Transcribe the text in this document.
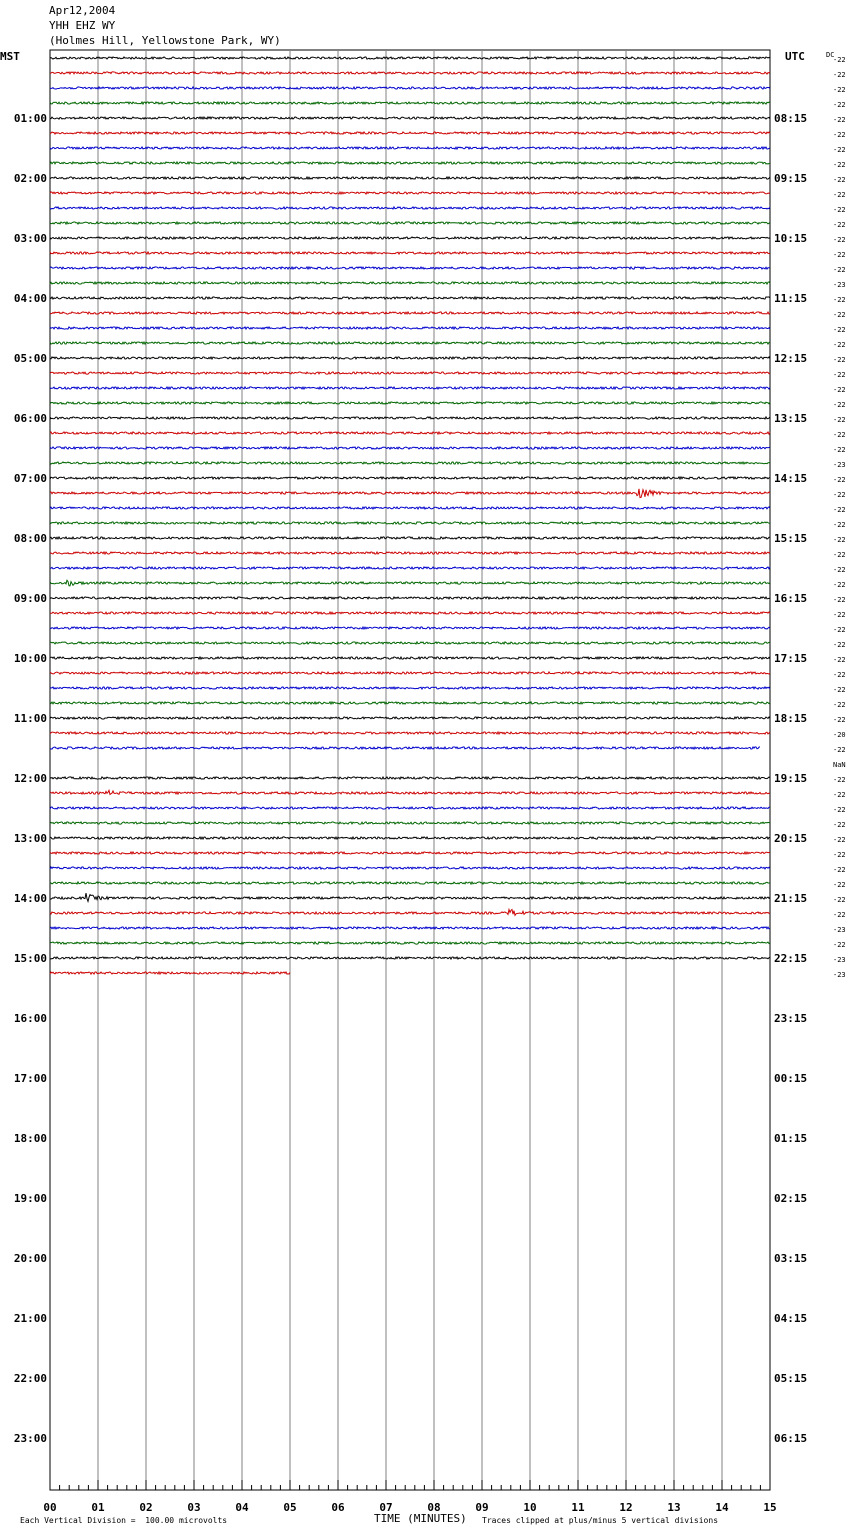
Apr12,2004
YHH EHZ WY
(Holmes Hill, Yellowstone Park, WY)
MST	UTC
00	01	02	03	04	05	06	07	08	09	10	11	12	13	14	15
01:00	08:15
02:00	09:15
03:00	10:15
04:00	11:15
05:00	12:15
06:00	13:15
07:00	14:15
08:00	15:15
09:00	16:15
10:00	17:15
11:00	18:15
12:00	19:15
13:00	20:15
14:00	21:15
15:00	22:15
16:00	23:15
17:00	00:15
18:00	01:15
19:00	02:15
20:00	03:15
21:00	04:15
22:00	05:15
23:00	06:15
DC
-22
-22
-22
-22
-22
-22
-22
-22
-22
-22
-22
-22
-22
-22
-22
-23
-22
-22
-22
-22
-22
-22
-22
-22
-22
-22
-22
-23
-22
-22
-22
-22
-22
-22
-22
-22
-22
-22
-22
-22
-22
-22
-22
-22
-22
-20
-22
NaN
-22
-22
-22
-22
-22
-22
-22
-22
-22
-22
-23
-22
-23
-23
Each Vertical Division =  100.00 microvolts	TIME (MINUTES) Traces clipped at plus/minus 5 vertical divisions
